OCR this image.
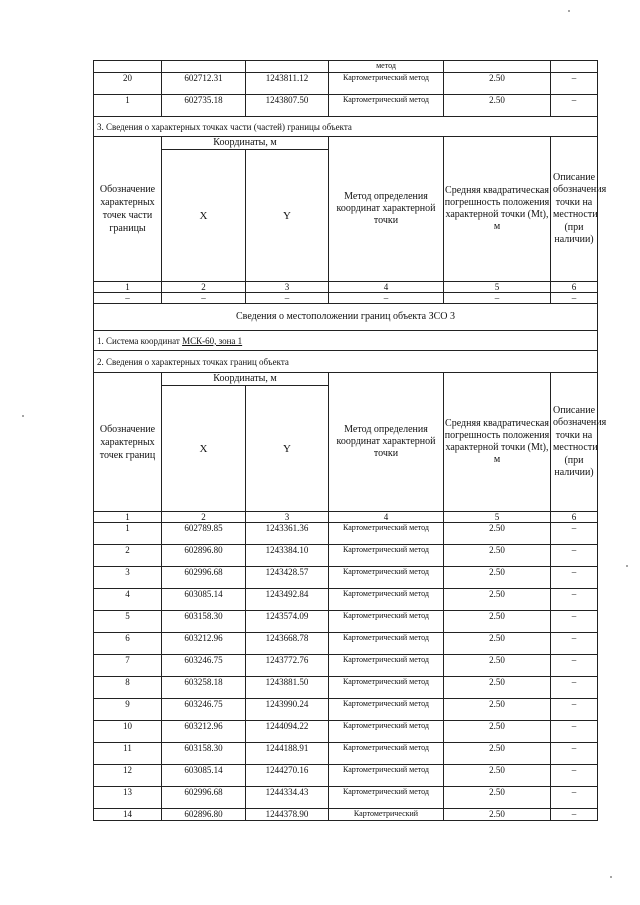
			метод		
20	602712.31	1243811.12	Картометрический метод	2.50	–
1	602735.18	1243807.50	Картометрический метод	2.50	–
3. Сведения о характерных точках части (частей) границы объекта					
Обозначение характерных точек части границы	Координаты, м		Метод определения координат характерной точки	Средняя квадратическая погрешность положения характерной точки (Mt), м	Описание обозначения точки на местности (при наличии)
	X	Y			
1	2	3	4	5	6
–	–	–	–	–	–
Сведения о местоположении границ объекта ЗСО 3					
1. Система координат МСК-60, зона 1					
2. Сведения о характерных точках границ объекта					
Обозначение характерных точек границ	Координаты, м		Метод определения координат характерной точки	Средняя квадратическая погрешность положения характерной точки (Mt), м	Описание обозначения точки на местности (при наличии)
	X	Y			
1	2	3	4	5	6
1	602789.85	1243361.36	Картометрический метод	2.50	–
2	602896.80	1243384.10	Картометрический метод	2.50	–
3	602996.68	1243428.57	Картометрический метод	2.50	–
4	603085.14	1243492.84	Картометрический метод	2.50	–
5	603158.30	1243574.09	Картометрический метод	2.50	–
6	603212.96	1243668.78	Картометрический метод	2.50	–
7	603246.75	1243772.76	Картометрический метод	2.50	–
8	603258.18	1243881.50	Картометрический метод	2.50	–
9	603246.75	1243990.24	Картометрический метод	2.50	–
10	603212.96	1244094.22	Картометрический метод	2.50	–
11	603158.30	1244188.91	Картометрический метод	2.50	–
12	603085.14	1244270.16	Картометрический метод	2.50	–
13	602996.68	1244334.43	Картометрический метод	2.50	–
14	602896.80	1244378.90	Картометрический	2.50	–
